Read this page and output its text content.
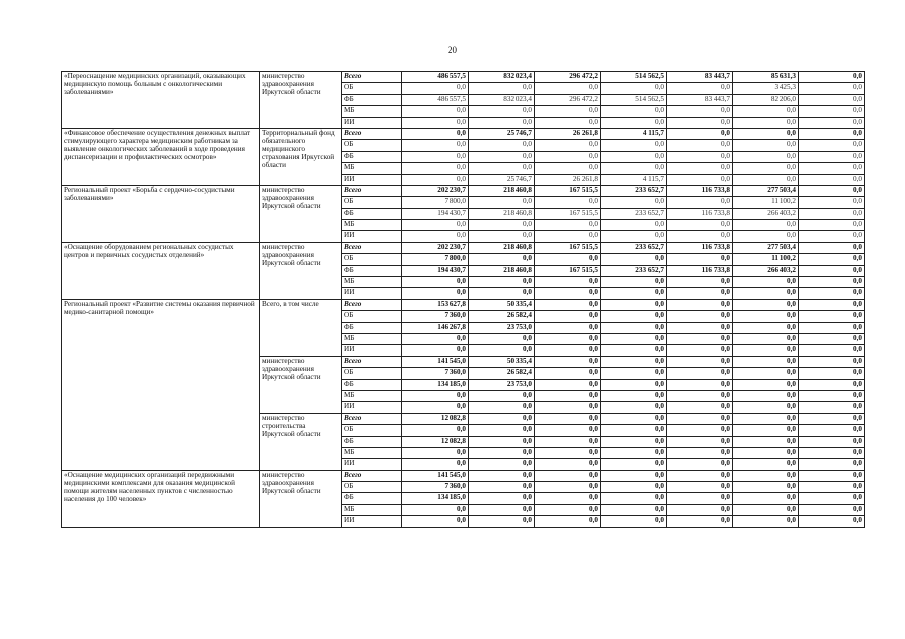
20
«Переоснащение медицинских организаций, оказывающих медицинскую помощь больным с онкологическими заболеваниями»	министерство здравоохранения Иркутской области	Всего	486 557,5	832 023,4	296 472,2	514 562,5	83 443,7	85 631,3	0,0
		ОБ	0,0	0,0	0,0	0,0	0,0	3 425,3	0,0
		ФБ	486 557,5	832 023,4	296 472,2	514 562,5	83 443,7	82 206,0	0,0
		МБ	0,0	0,0	0,0	0,0	0,0	0,0	0,0
		ИИ	0,0	0,0	0,0	0,0	0,0	0,0	0,0
«Финансовое обеспечение осуществления денежных выплат стимулирующего характера медицинским работникам за выявление онкологических заболеваний в ходе проведения диспансеризации и профилактических осмотров»	Территориальный фонд обязательного медицинского страхования Иркутской области	Всего	0,0	25 746,7	26 261,8	4 115,7	0,0	0,0	0,0
		ОБ	0,0	0,0	0,0	0,0	0,0	0,0	0,0
		ФБ	0,0	0,0	0,0	0,0	0,0	0,0	0,0
		МБ	0,0	0,0	0,0	0,0	0,0	0,0	0,0
		ИИ	0,0	25 746,7	26 261,8	4 115,7	0,0	0,0	0,0
Региональный проект «Борьба с сердечно-сосудистыми заболеваниями»	министерство здравоохранения Иркутской области	Всего	202 230,7	218 460,8	167 515,5	233 652,7	116 733,8	277 503,4	0,0
		ОБ	7 800,0	0,0	0,0	0,0	0,0	11 100,2	0,0
		ФБ	194 430,7	218 460,8	167 515,5	233 652,7	116 733,8	266 403,2	0,0
		МБ	0,0	0,0	0,0	0,0	0,0	0,0	0,0
		ИИ	0,0	0,0	0,0	0,0	0,0	0,0	0,0
«Оснащение оборудованием региональных сосудистых центров и первичных сосудистых отделений»	министерство здравоохранения Иркутской области	Всего	202 230,7	218 460,8	167 515,5	233 652,7	116 733,8	277 503,4	0,0
		ОБ	7 800,0	0,0	0,0	0,0	0,0	11 100,2	0,0
		ФБ	194 430,7	218 460,8	167 515,5	233 652,7	116 733,8	266 403,2	0,0
		МБ	0,0	0,0	0,0	0,0	0,0	0,0	0,0
		ИИ	0,0	0,0	0,0	0,0	0,0	0,0	0,0
Региональный проект «Развитие системы оказания первичной медико-санитарной помощи»	Всего, в том числе	Всего	153 627,8	50 335,4	0,0	0,0	0,0	0,0	0,0
		ОБ	7 360,0	26 582,4	0,0	0,0	0,0	0,0	0,0
		ФБ	146 267,8	23 753,0	0,0	0,0	0,0	0,0	0,0
		МБ	0,0	0,0	0,0	0,0	0,0	0,0	0,0
		ИИ	0,0	0,0	0,0	0,0	0,0	0,0	0,0
	министерство здравоохранения Иркутской области	Всего	141 545,0	50 335,4	0,0	0,0	0,0	0,0	0,0
		ОБ	7 360,0	26 582,4	0,0	0,0	0,0	0,0	0,0
		ФБ	134 185,0	23 753,0	0,0	0,0	0,0	0,0	0,0
		МБ	0,0	0,0	0,0	0,0	0,0	0,0	0,0
		ИИ	0,0	0,0	0,0	0,0	0,0	0,0	0,0
	министерство строительства Иркутской области	Всего	12 082,8	0,0	0,0	0,0	0,0	0,0	0,0
		ОБ	0,0	0,0	0,0	0,0	0,0	0,0	0,0
		ФБ	12 082,8	0,0	0,0	0,0	0,0	0,0	0,0
		МБ	0,0	0,0	0,0	0,0	0,0	0,0	0,0
		ИИ	0,0	0,0	0,0	0,0	0,0	0,0	0,0
«Оснащение медицинских организаций передвижными медицинскими комплексами для оказания медицинской помощи жителям населенных пунктов с численностью населения до 100 человек»	министерство здравоохранения Иркутской области	Всего	141 545,0	0,0	0,0	0,0	0,0	0,0	0,0
		ОБ	7 360,0	0,0	0,0	0,0	0,0	0,0	0,0
		ФБ	134 185,0	0,0	0,0	0,0	0,0	0,0	0,0
		МБ	0,0	0,0	0,0	0,0	0,0	0,0	0,0
		ИИ	0,0	0,0	0,0	0,0	0,0	0,0	0,0
